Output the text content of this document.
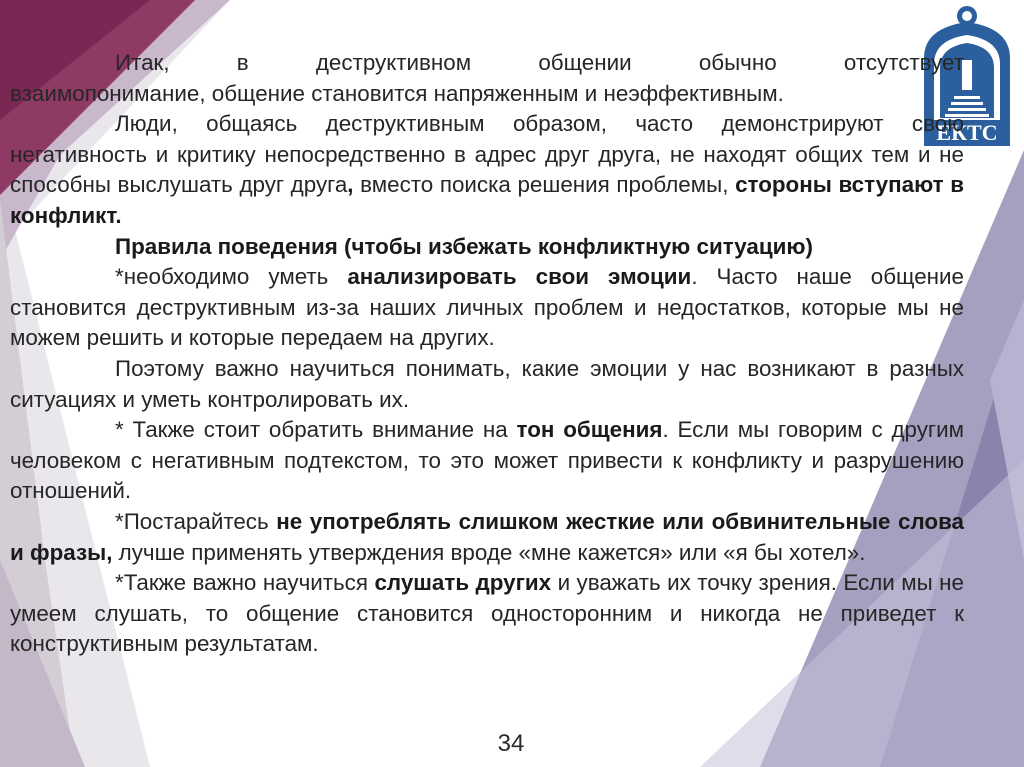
ЕКТС

Итак, в деструктивном общении обычно отсутствует

взаимопонимание, общение становится напряженным и неэффективным.

Люди, общаясь деструктивным образом, часто демонстрируют свою негативность и критику непосредственно в адрес друг друга, не находят общих тем и не способны выслушать друг друга, вместо поиска решения проблемы, стороны вступают в конфликт.

Правила поведения (чтобы избежать конфликтную ситуацию)

*необходимо уметь анализировать свои эмоции. Часто наше общение становится деструктивным из-за наших личных проблем и недостатков, которые мы не можем решить и которые передаем на других.

Поэтому важно научиться понимать, какие эмоции у нас возникают в разных ситуациях и уметь контролировать их.

* Также стоит обратить внимание на тон общения. Если мы говорим с другим человеком с негативным подтекстом, то это может привести к конфликту и разрушению отношений.

*Постарайтесь не употреблять слишком жесткие или обвинительные слова и фразы, лучше применять утверждения вроде «мне кажется» или «я бы хотел».

*Также важно научиться слушать других и уважать их точку зрения. Если мы не умеем слушать, то общение становится односторонним и никогда не приведет к конструктивным результатам.

34
